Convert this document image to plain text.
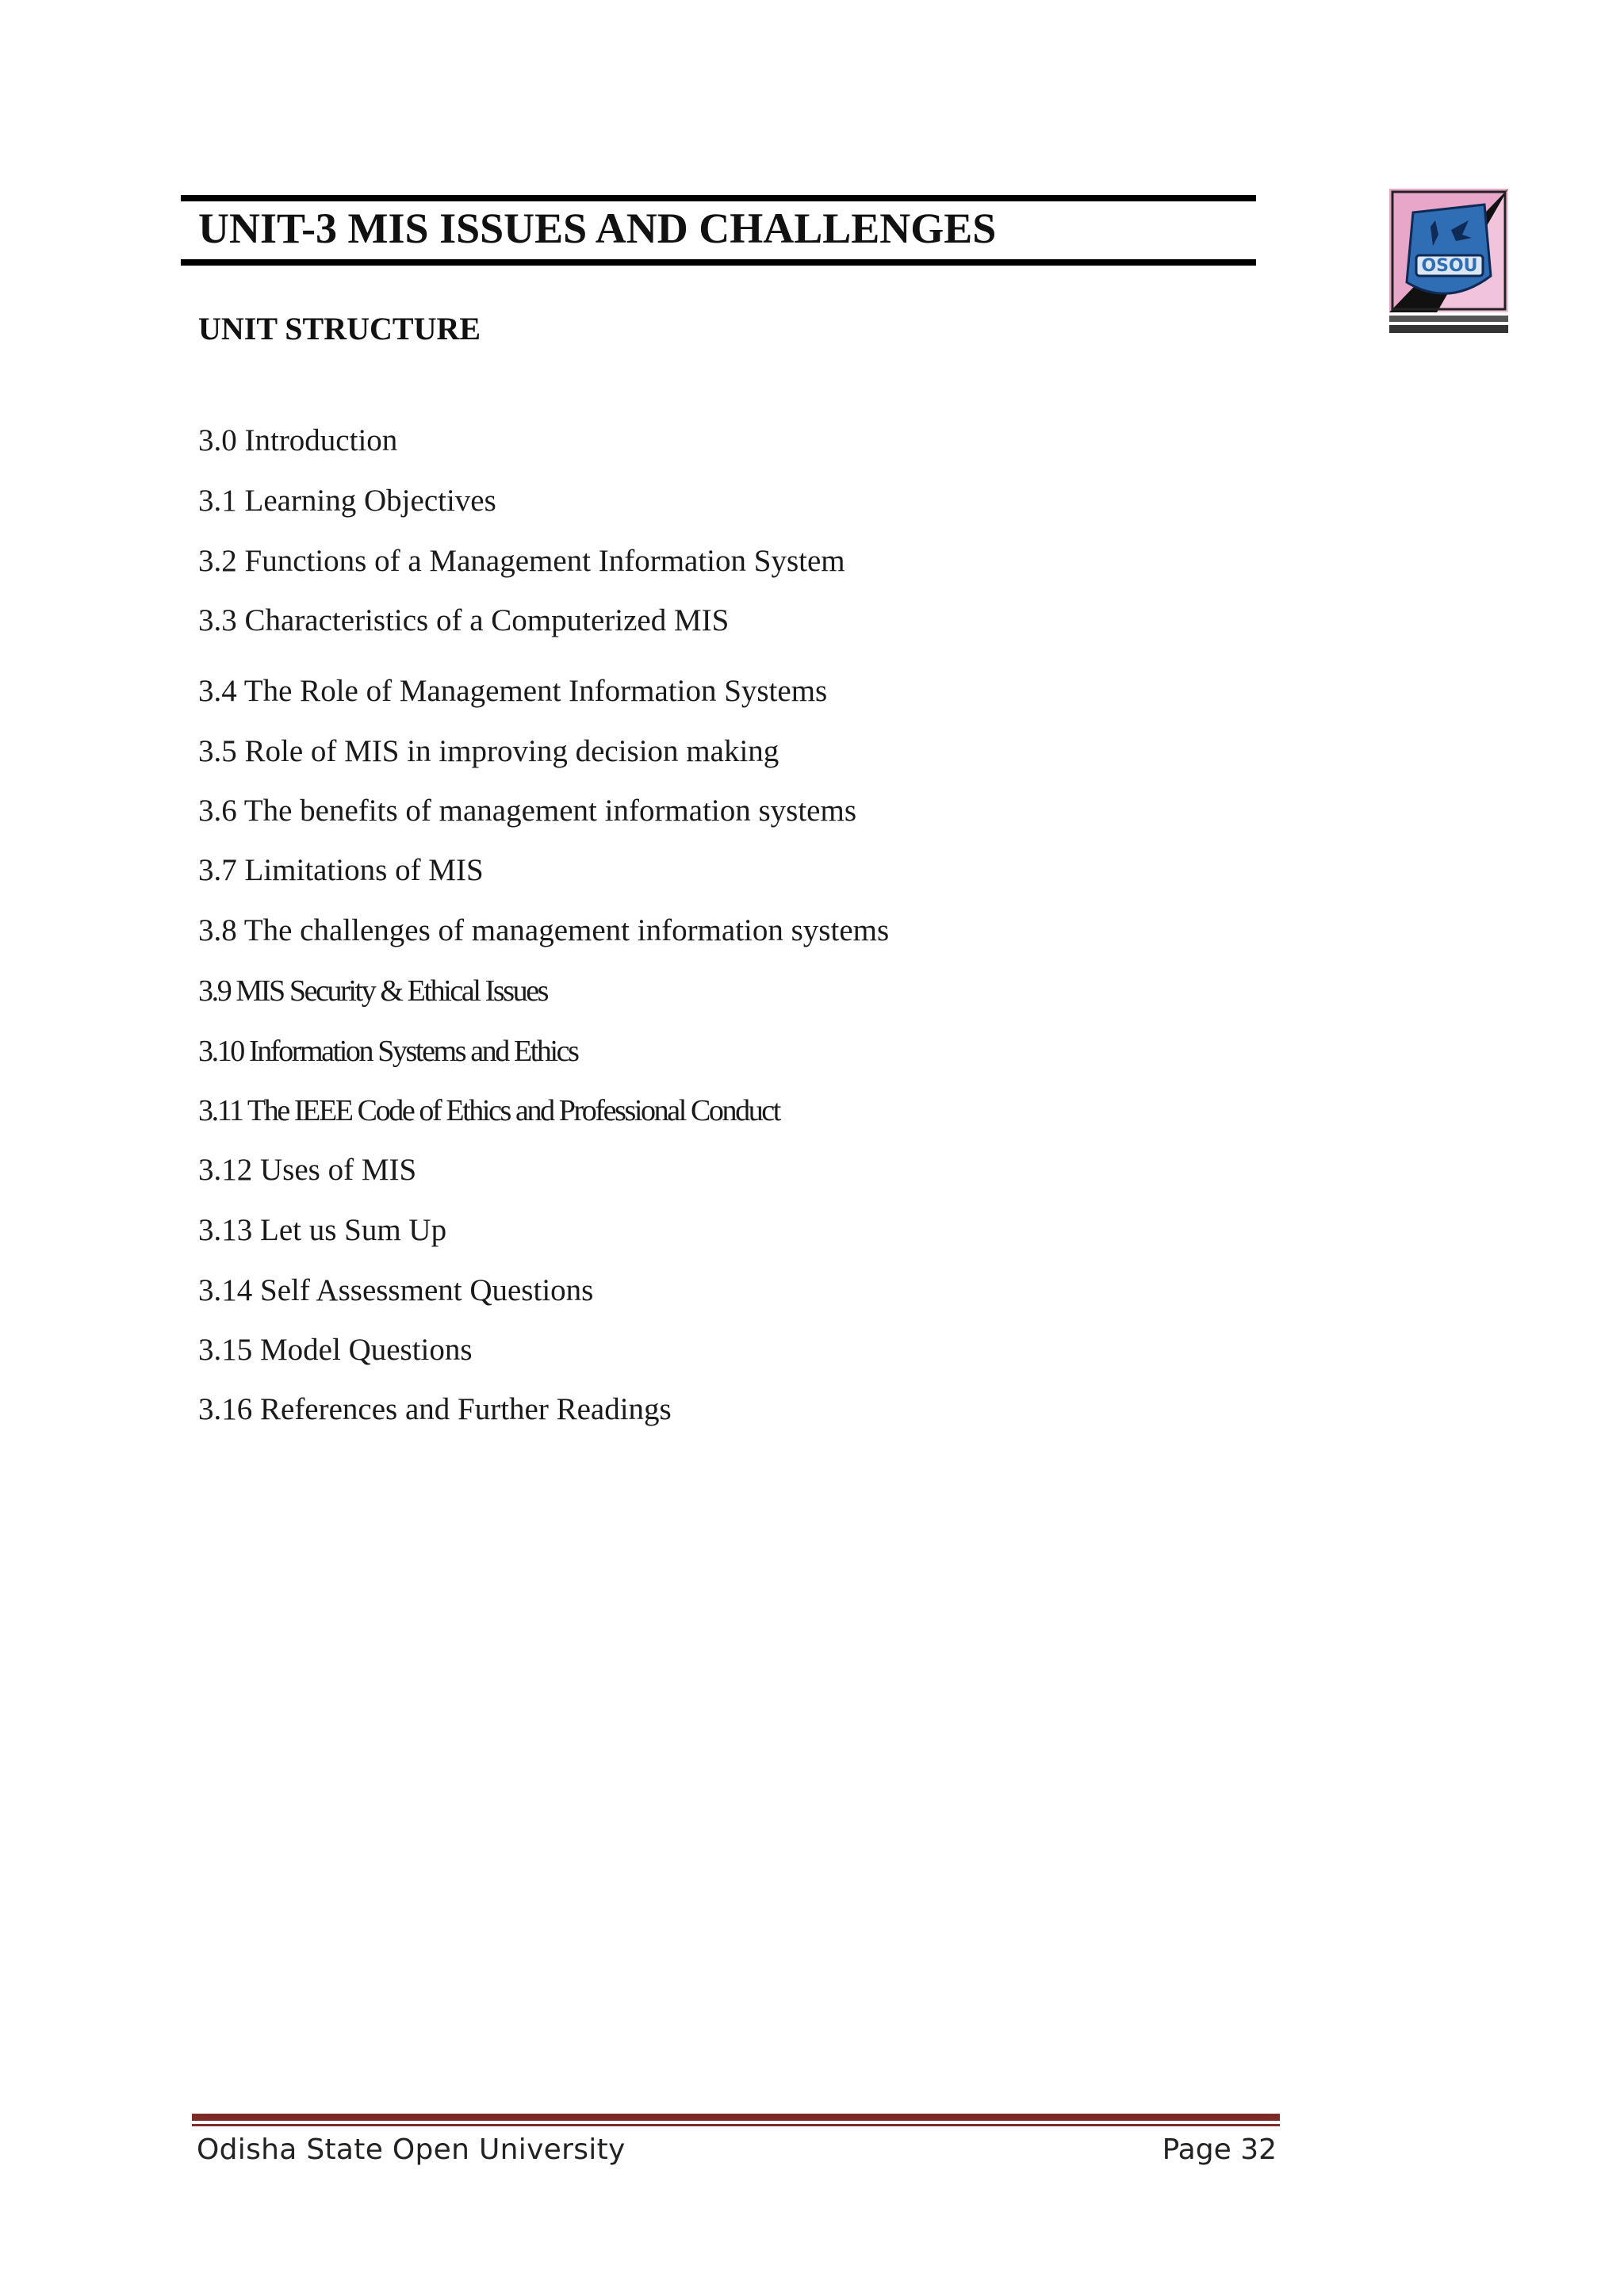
UNIT-3 MIS ISSUES AND CHALLENGES
OSOU
UNIT STRUCTURE
3.0 Introduction
3.1 Learning Objectives
3.2 Functions of a Management Information System
3.3 Characteristics of a Computerized MIS
3.4 The Role of Management Information Systems
3.5 Role of MIS in improving decision making
3.6 The benefits of management information systems
3.7 Limitations of MIS
3.8 The challenges of management information systems
3.9 MIS Security & Ethical Issues
3.10 Information Systems and Ethics
3.11 The IEEE Code of Ethics and Professional Conduct
3.12 Uses of MIS
3.13 Let us Sum Up
3.14 Self Assessment Questions
3.15 Model Questions
3.16 References and Further Readings
Odisha State Open University	Page 32
